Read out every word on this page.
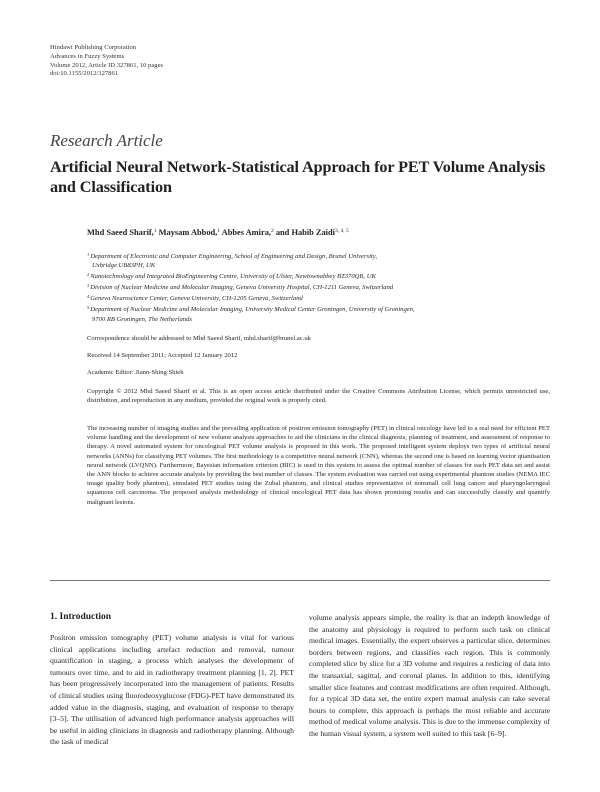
Hindawi Publishing Corporation
Advances in Fuzzy Systems
Volume 2012, Article ID 327861, 10 pages
doi:10.1155/2012/327861
Research Article
Artificial Neural Network-Statistical Approach for PET Volume Analysis and Classification
Mhd Saeed Sharif,$^1$ Maysam Abbod,$^1$ Abbes Amira,$^2$ and Habib Zaidi$^{3, 4, 5}$
$^1$Department of Electronic and Computer Engineering, School of Engineering and Design, Brunel University,
Uxbridge UB83PH, UK
$^2$Nanotechnology and Integrated BioEngineering Centre, University of Ulster, Newtownabbey BT370QB, UK
$^3$Division of Nuclear Medicine and Molecular Imaging, Geneva University Hospital, CH-1211 Geneva, Switzerland
$^4$Geneva Neuroscience Center, Geneva University, CH-1205 Geneva, Switzerland
$^5$Department of Nuclear Medicine and Molecular Imaging, University Medical Center Groningen, University of Groningen,
9700 RB Groningen, The Netherlands
Correspondence should be addressed to Mhd Saeed Sharif, mhd.sharif@brunel.ac.uk
Received 14 September 2011; Accepted 12 January 2012
Academic Editor: Jiann-Shing Shieh
Copyright © 2012 Mhd Saeed Sharif et al. This is an open access article distributed under the Creative Commons Attribution License, which permits unrestricted use, distribution, and reproduction in any medium, provided the original work is properly cited.
The increasing number of imaging studies and the prevailing application of positron emission tomography (PET) in clinical oncology have led to a real need for efficient PET volume handling and the development of new volume analysis approaches to aid the clinicians in the clinical diagnosis, planning of treatment, and assessment of response to therapy. A novel automated system for oncological PET volume analysis is proposed in this work. The proposed intelligent system deploys two types of artificial neural networks (ANNs) for classifying PET volumes. The first methodology is a competitive neural network (CNN), whereas the second one is based on learning vector quantisation neural network (LVQNN). Furthermore, Bayesian information criterion (BIC) is used in this system to assess the optimal number of classes for each PET data set and assist the ANN blocks to achieve accurate analysis by providing the best number of classes. The system evaluation was carried out using experimental phantom studies (NEMA IEC image quality body phantom), simulated PET studies using the Zubal phantom, and clinical studies representative of nonsmall cell lung cancer and pharyngolaryngeal squamous cell carcinoma. The proposed analysis methodology of clinical oncological PET data has shown promising results and can successfully classify and quantify malignant lesions.
1. Introduction
Positron emission tomography (PET) volume analysis is vital for various clinical applications including artefact reduction and removal, tumour quantification in staging, a process which analyses the development of tumours over time, and to aid in radiotherapy treatment planning [1, 2]. PET has been progressively incorporated into the management of patients. Results of clinical studies using fluorodeoxyglucose (FDG)-PET have demonstrated its added value in the diagnosis, staging, and evaluation of response to therapy [3–5]. The utilisation of advanced high performance analysis approaches will be useful in aiding clinicians in diagnosis and radiotherapy planning. Although the task of medical
volume analysis appears simple, the reality is that an indepth knowledge of the anatomy and physiology is required to perform such task on clinical medical images. Essentially, the expert observes a particular slice, determines borders between regions, and classifies each region. This is commonly completed slice by slice for a 3D volume and requires a reslicing of data into the transaxial, sagittal, and coronal planes. In addition to this, identifying smaller slice features and contrast modifications are often required. Although, for a typical 3D data set, the entire expert manual analysis can take several hours to complete, this approach is perhaps the most reliable and accurate method of medical volume analysis. This is due to the immense complexity of the human visual system, a system well suited to this task [6–9].
